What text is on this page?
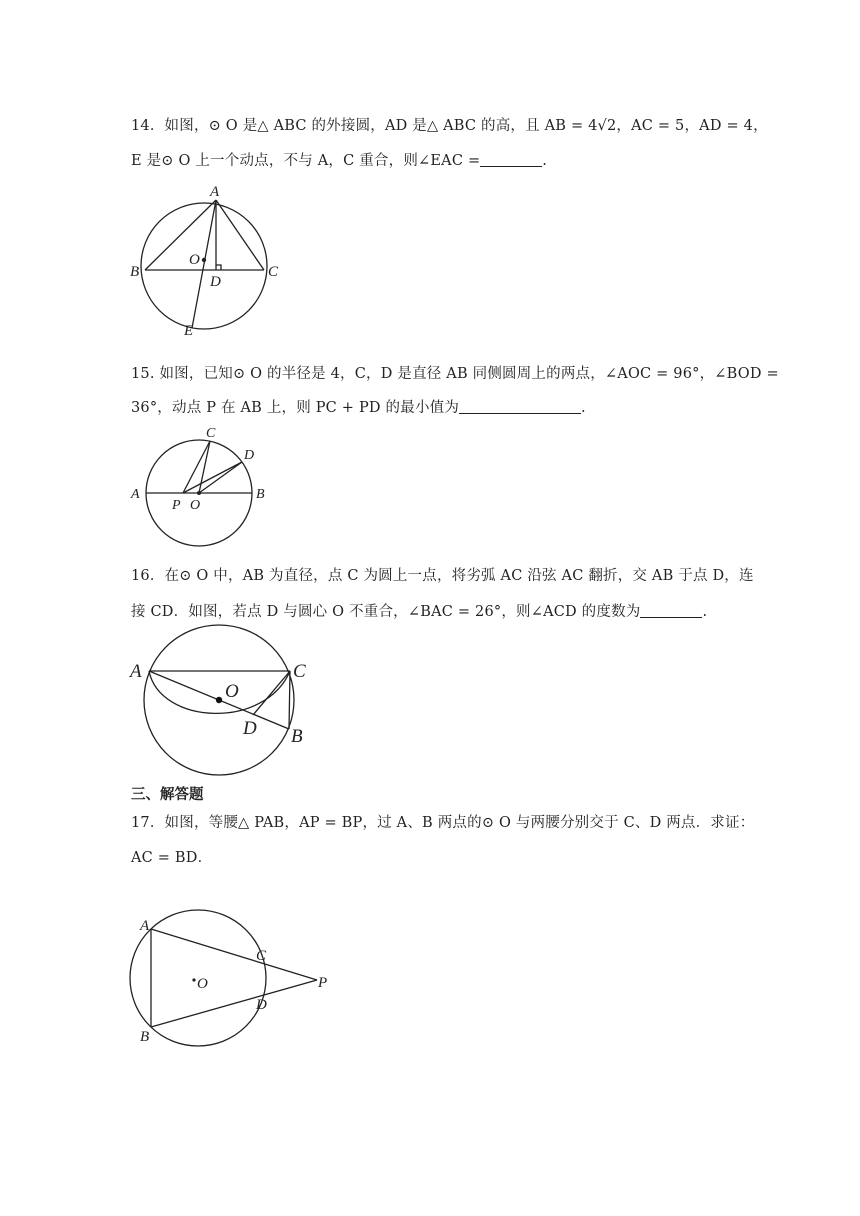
14．如图，⊙ O 是△ ABC 的外接圆，AD 是△ ABC 的高，且 AB = 4√2，AC = 5，AD = 4，
E 是⊙ O 上一个动点，不与 A，C 重合，则∠EAC =	.
A
B	C
O
D
E
15. 如图，已知⊙ O 的半径是 4，C，D 是直径 AB 同侧圆周上的两点，∠AOC = 96°，∠BOD =
36°，动点 P 在 AB 上，则 PC + PD 的最小值为	.
A	B
C
D
P O
16．在⊙ O 中，AB 为直径，点 C 为圆上一点，将劣弧 AC 沿弦 AC 翻折，交 AB 于点 D，连
接 CD．如图，若点 D 与圆心 O 不重合，∠BAC = 26°，则∠ACD 的度数为	.
A	C
O
D B
三、解答题
17．如图，等腰△ PAB，AP = BP，过 A、B 两点的⊙ O 与两腰分别交于 C、D 两点．求证：
AC = BD．
A
B
C
D
P
O
